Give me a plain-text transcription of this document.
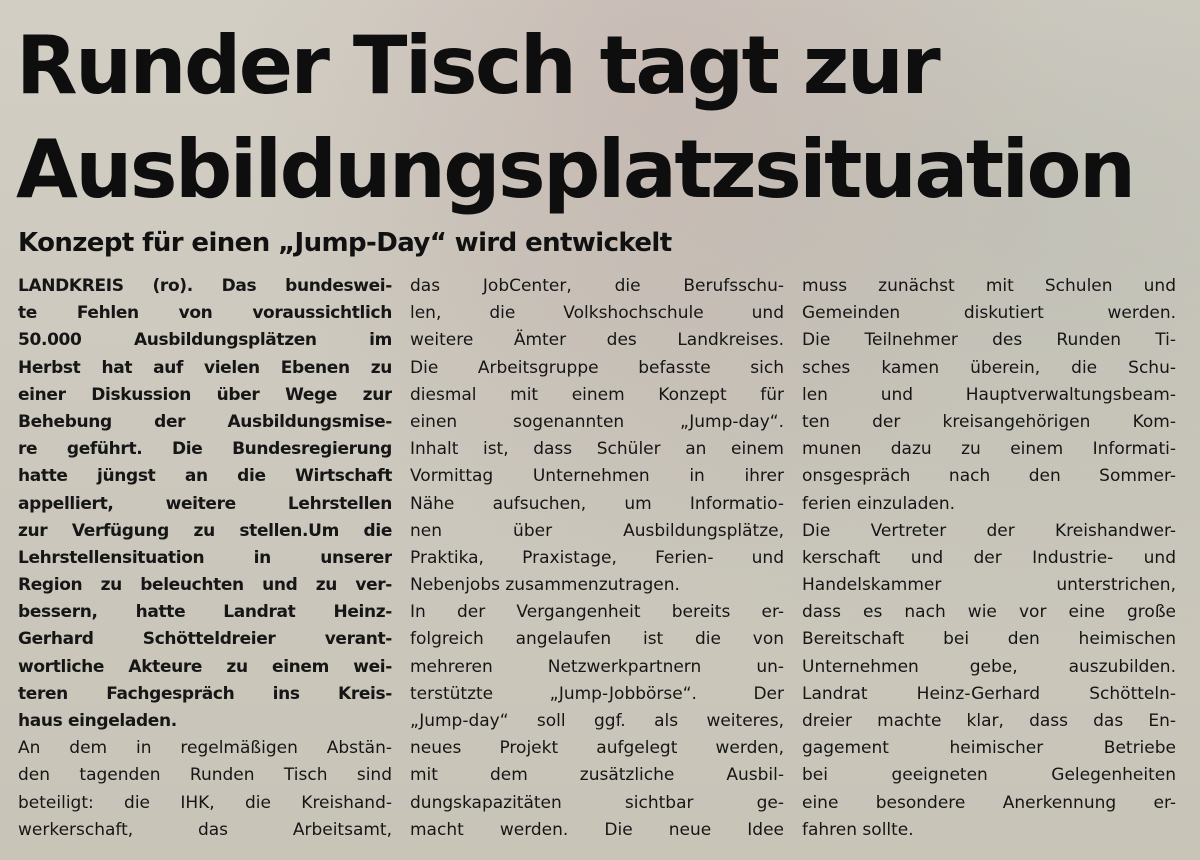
Runder Tisch tagt zur
Ausbildungsplatzsituation
Konzept für einen „Jump-Day“ wird entwickelt
LANDKREIS (ro). Das bundeswei-
te Fehlen von voraussichtlich
50.000 Ausbildungsplätzen im
Herbst hat auf vielen Ebenen zu
einer Diskussion über Wege zur
Behebung der Ausbildungsmise-
re geführt. Die Bundesregierung
hatte jüngst an die Wirtschaft
appelliert, weitere Lehrstellen
zur Verfügung zu stellen.Um die
Lehrstellensituation in unserer
Region zu beleuchten und zu ver-
bessern, hatte Landrat Heinz-
Gerhard Schötteldreier verant-
wortliche Akteure zu einem wei-
teren Fachgespräch ins Kreis-
haus eingeladen.
An dem in regelmäßigen Abstän-
den tagenden Runden Tisch sind
beteiligt: die IHK, die Kreishand-
werkerschaft, das Arbeitsamt,
das JobCenter, die Berufsschu-
len, die Volkshochschule und
weitere Ämter des Landkreises.
Die Arbeitsgruppe befasste sich
diesmal mit einem Konzept für
einen sogenannten „Jump-day“.
Inhalt ist, dass Schüler an einem
Vormittag Unternehmen in ihrer
Nähe aufsuchen, um Informatio-
nen über Ausbildungsplätze,
Praktika, Praxistage, Ferien- und
Nebenjobs zusammenzutragen.
In der Vergangenheit bereits er-
folgreich angelaufen ist die von
mehreren Netzwerkpartnern un-
terstützte „Jump-Jobbörse“. Der
„Jump-day“ soll ggf. als weiteres,
neues Projekt aufgelegt werden,
mit dem zusätzliche Ausbil-
dungskapazitäten sichtbar ge-
macht werden. Die neue Idee
muss zunächst mit Schulen und
Gemeinden diskutiert werden.
Die Teilnehmer des Runden Ti-
sches kamen überein, die Schu-
len und Hauptverwaltungsbeam-
ten der kreisangehörigen Kom-
munen dazu zu einem Informati-
onsgespräch nach den Sommer-
ferien einzuladen.
Die Vertreter der Kreishandwer-
kerschaft und der Industrie- und
Handelskammer unterstrichen,
dass es nach wie vor eine große
Bereitschaft bei den heimischen
Unternehmen gebe, auszubilden.
Landrat Heinz-Gerhard Schötteln-
dreier machte klar, dass das En-
gagement heimischer Betriebe
bei geeigneten Gelegenheiten
eine besondere Anerkennung er-
fahren sollte.
